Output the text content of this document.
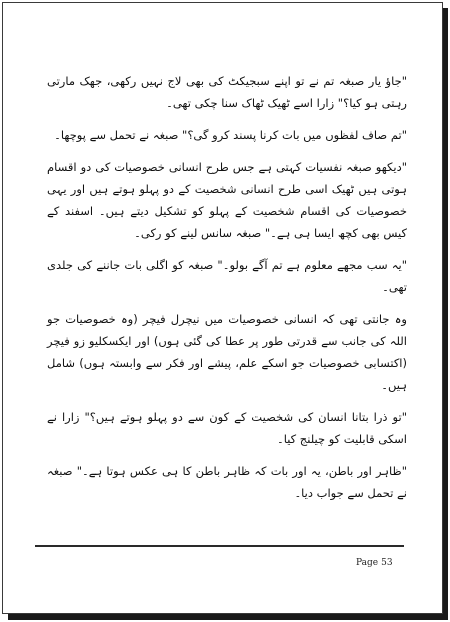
"جاؤ یار صبغہ تم نے تو اپنے سبجیکٹ کی بھی لاج نہیں رکھی، جھک مارتی رہتی ہو کیا؟" زارا اسے ٹھیک ٹھاک سنا چکی تھی۔

"تم صاف لفظوں میں بات کرنا پسند کرو گی؟" صبغہ نے تحمل سے پوچھا۔

"دیکھو صبغہ نفسیات کہتی ہے جس طرح انسانی خصوصیات کی دو اقسام ہوتی ہیں ٹھیک اسی طرح انسانی شخصیت کے دو پہلو ہوتے ہیں اور یہی خصوصیات کی اقسام شخصیت کے پہلو کو تشکیل دیتے ہیں۔ اسفند کے کیس بھی کچھ ایسا ہی ہے۔" صبغہ سانس لینے کو رکی۔

"یہ سب مجھے معلوم ہے تم آگے بولو۔" صبغہ کو اگلی بات جاننے کی جلدی تھی۔

وہ جانتی تھی کہ انسانی خصوصیات میں نیچرل فیچر (وہ خصوصیات جو اللہ کی جانب سے قدرتی طور پر عطا کی گئی ہوں) اور ایکسکلیو زو فیچر (اکتسابی خصوصیات جو اسکے علم، پیشے اور فکر سے وابستہ ہوں) شامل ہیں۔

"تو ذرا بتانا انسان کی شخصیت کے کون سے دو پہلو ہوتے ہیں؟" زارا نے اسکی قابلیت کو چیلنج کیا۔

"ظاہر اور باطن، یہ اور بات کہ ظاہر باطن کا ہی عکس ہوتا ہے۔" صبغہ نے تحمل سے جواب دیا۔

Page 53
